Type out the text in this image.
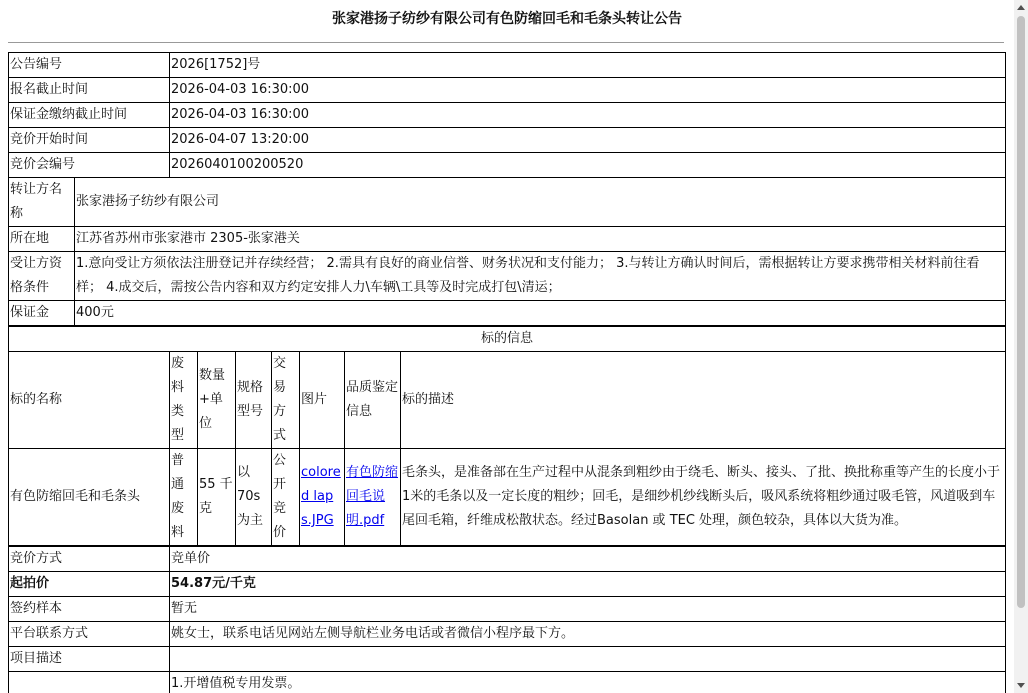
张家港扬子纺纱有限公司有色防缩回毛和毛条头转让公告
公告编号	2026[1752]号
报名截止时间	2026-04-03 16:30:00
保证金缴纳截止时间	2026-04-03 16:30:00
竞价开始时间	2026-04-07 13:20:00
竞价会编号	2026040100200520
转让方名称	张家港扬子纺纱有限公司
所在地	江苏省苏州市张家港市 2305-张家港关
受让方资格条件	1.意向受让方须依法注册登记并存续经营； 2.需具有良好的商业信誉、财务状况和支付能力； 3.与转让方确认时间后，需根据转让方要求携带相关材料前往看样； 4.成交后，需按公告内容和双方约定安排人力\车辆\工具等及时完成打包\清运；
保证金	400元
标的信息							
标的名称	废料类型	数量+单位	规格型号	交易方式	图片	品质鉴定信息	标的描述
有色防缩回毛和毛条头	普通废料	55 千克	以70s为主	公开竞价	colored laps.JPG	有色防缩回毛说明.pdf	毛条头，是准备部在生产过程中从混条到粗纱由于绕毛、断头、接头、了批、换批称重等产生的长度小于1米的毛条以及一定长度的粗纱；回毛，是细纱机纱线断头后，吸风系统将粗纱通过吸毛管，风道吸到车尾回毛箱，纤维成松散状态。经过Basolan 或 TEC 处理，颜色较杂，具体以大货为准。
竞价方式	竞单价
起拍价	54.87元/千克
签约样本	暂无
平台联系方式	姚女士，联系电话见网站左侧导航栏业务电话或者微信小程序最下方。
项目描述	
	1.开增值税专用发票。
